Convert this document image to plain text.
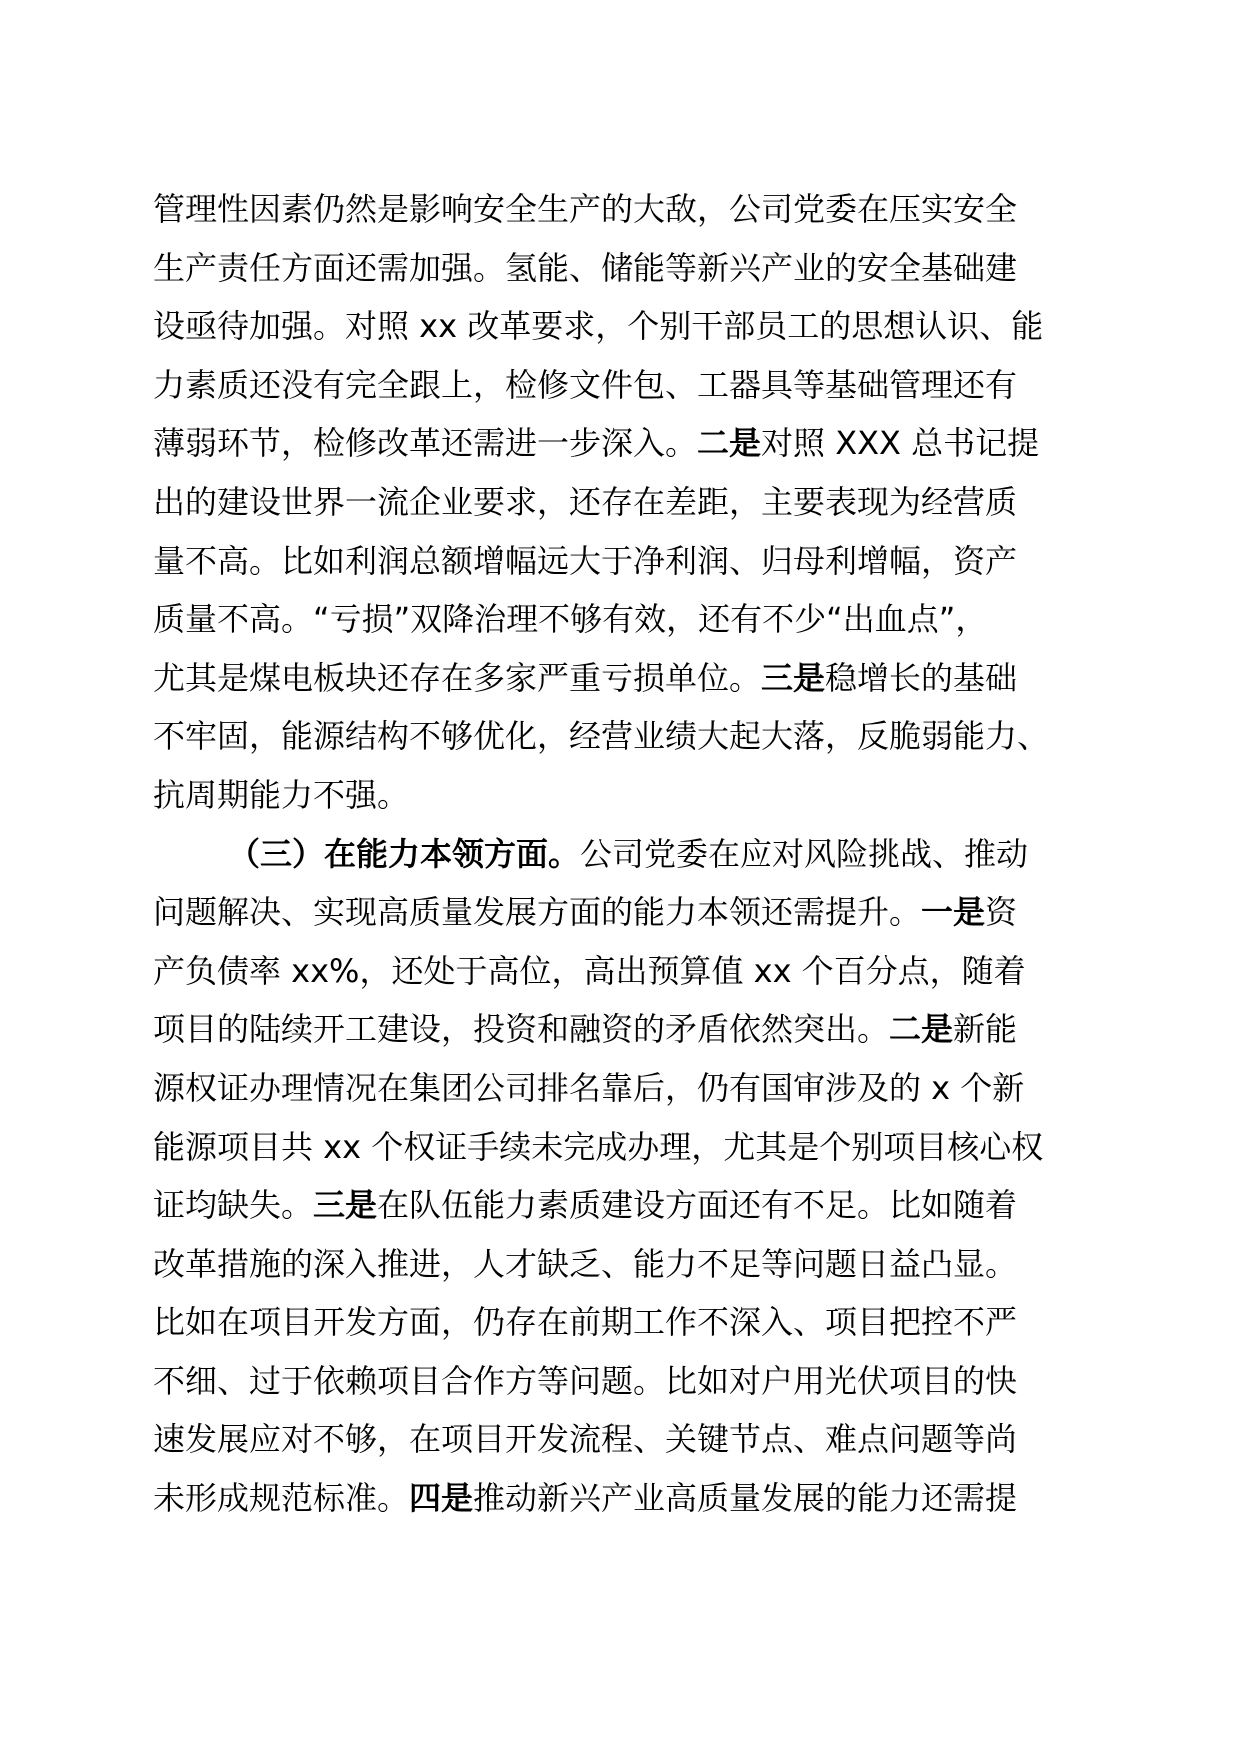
管理性因素仍然是影响安全生产的大敌，公司党委在压实安全
生产责任方面还需加强。氢能、储能等新兴产业的安全基础建
设亟待加强。对照 xx 改革要求，个别干部员工的思想认识、能
力素质还没有完全跟上，检修文件包、工器具等基础管理还有
薄弱环节，检修改革还需进一步深入。二是对照 XXX 总书记提
出的建设世界一流企业要求，还存在差距，主要表现为经营质
量不高。比如利润总额增幅远大于净利润、归母利增幅，资产
质量不高。“亏损”双降治理不够有效，还有不少“出血点”，
尤其是煤电板块还存在多家严重亏损单位。三是稳增长的基础
不牢固，能源结构不够优化，经营业绩大起大落，反脆弱能力、
抗周期能力不强。
（三）在能力本领方面。公司党委在应对风险挑战、推动
问题解决、实现高质量发展方面的能力本领还需提升。一是资
产负债率 xx%，还处于高位，高出预算值 xx 个百分点，随着
项目的陆续开工建设，投资和融资的矛盾依然突出。二是新能
源权证办理情况在集团公司排名靠后，仍有国审涉及的 x 个新
能源项目共 xx 个权证手续未完成办理，尤其是个别项目核心权
证均缺失。三是在队伍能力素质建设方面还有不足。比如随着
改革措施的深入推进，人才缺乏、能力不足等问题日益凸显。
比如在项目开发方面，仍存在前期工作不深入、项目把控不严
不细、过于依赖项目合作方等问题。比如对户用光伏项目的快
速发展应对不够，在项目开发流程、关键节点、难点问题等尚
未形成规范标准。四是推动新兴产业高质量发展的能力还需提
